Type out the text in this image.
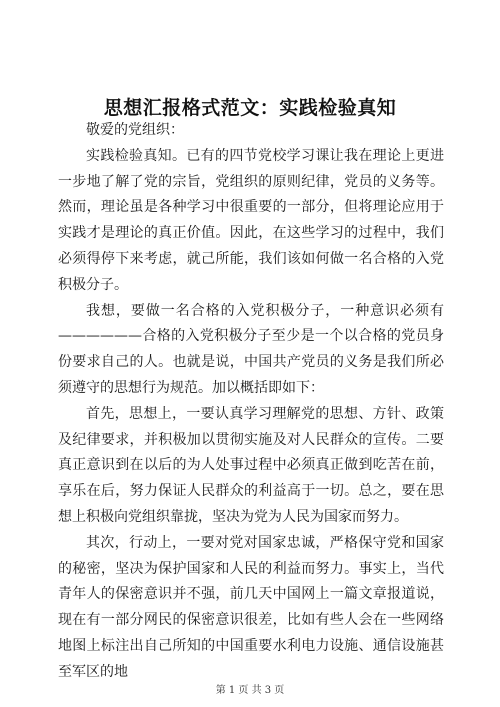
思想汇报格式范文：实践检验真知

敬爱的党组织：

实践检验真知。已有的四节党校学习课让我在理论上更进一步地了解了党的宗旨，党组织的原则纪律，党员的义务等。然而，理论虽是各种学习中很重要的一部分，但将理论应用于实践才是理论的真正价值。因此，在这些学习的过程中，我们必须得停下来考虑，就己所能，我们该如何做一名合格的入党积极分子。

我想，要做一名合格的入党积极分子，一种意识必须有——————合格的入党积极分子至少是一个以合格的党员身份要求自己的人。也就是说，中国共产党员的义务是我们所必须遵守的思想行为规范。加以概括即如下：

首先，思想上，一要认真学习理解党的思想、方针、政策及纪律要求，并积极加以贯彻实施及对人民群众的宣传。二要真正意识到在以后的为人处事过程中必须真正做到吃苦在前，享乐在后，努力保证人民群众的利益高于一切。总之，要在思想上积极向党组织靠拢，坚决为党为人民为国家而努力。

其次，行动上，一要对党对国家忠诚，严格保守党和国家的秘密，坚决为保护国家和人民的利益而努力。事实上，当代青年人的保密意识并不强，前几天中国网上一篇文章报道说，现在有一部分网民的保密意识很差，比如有些人会在一些网络地图上标注出自己所知的中国重要水利电力设施、通信设施甚至军区的地

第 1 页 共 3 页
